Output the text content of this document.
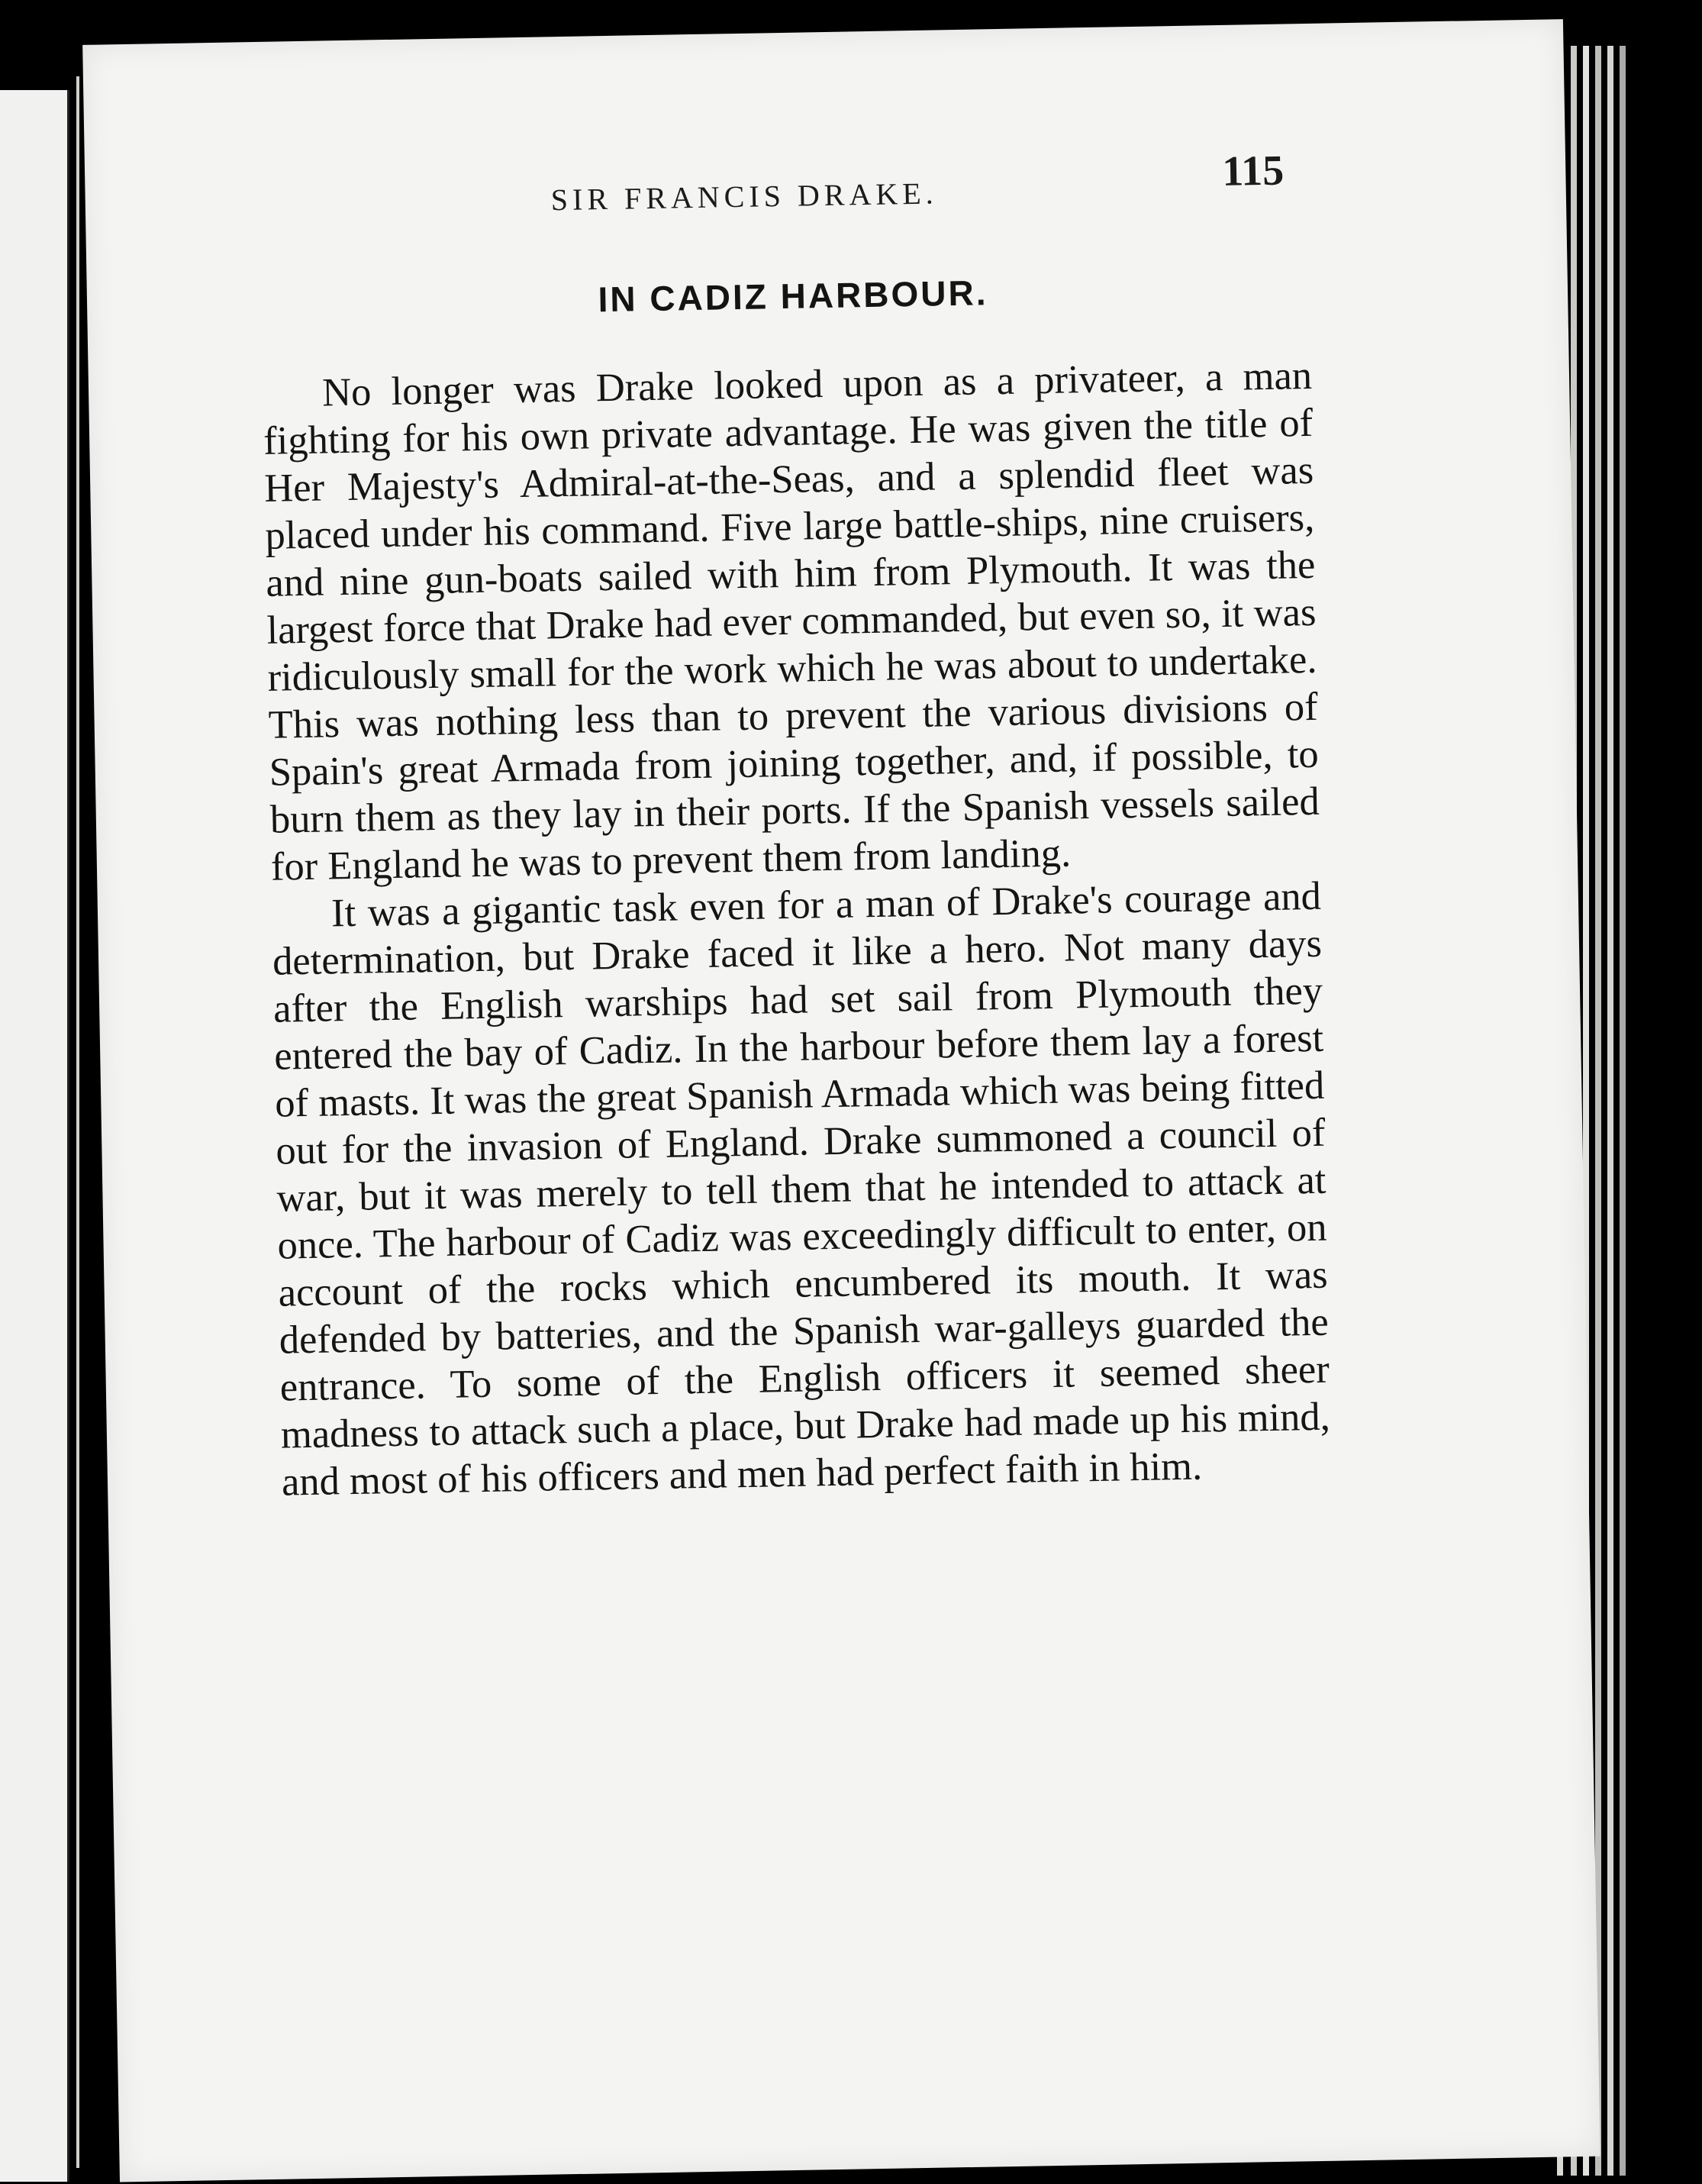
SIR FRANCIS DRAKE.
115
IN CADIZ HARBOUR.

No longer was Drake looked upon as a privateer, a man fighting for his own private advantage. He was given the title of Her Majesty's Admiral-at-the-Seas, and a splendid fleet was placed under his command. Five large battle-ships, nine cruisers, and nine gun-boats sailed with him from Plymouth. It was the largest force that Drake had ever commanded, but even so, it was ridiculously small for the work which he was about to undertake. This was nothing less than to prevent the various divisions of Spain's great Armada from joining together, and, if possible, to burn them as they lay in their ports. If the Spanish vessels sailed for England he was to prevent them from landing.

It was a gigantic task even for a man of Drake's courage and determination, but Drake faced it like a hero. Not many days after the English warships had set sail from Plymouth they entered the bay of Cadiz. In the harbour before them lay a forest of masts. It was the great Spanish Armada which was being fitted out for the invasion of England. Drake summoned a council of war, but it was merely to tell them that he intended to attack at once. The harbour of Cadiz was exceedingly difficult to enter, on account of the rocks which encumbered its mouth. It was defended by batteries, and the Spanish war-galleys guarded the entrance. To some of the English officers it seemed sheer madness to attack such a place, but Drake had made up his mind, and most of his officers and men had perfect faith in him.
